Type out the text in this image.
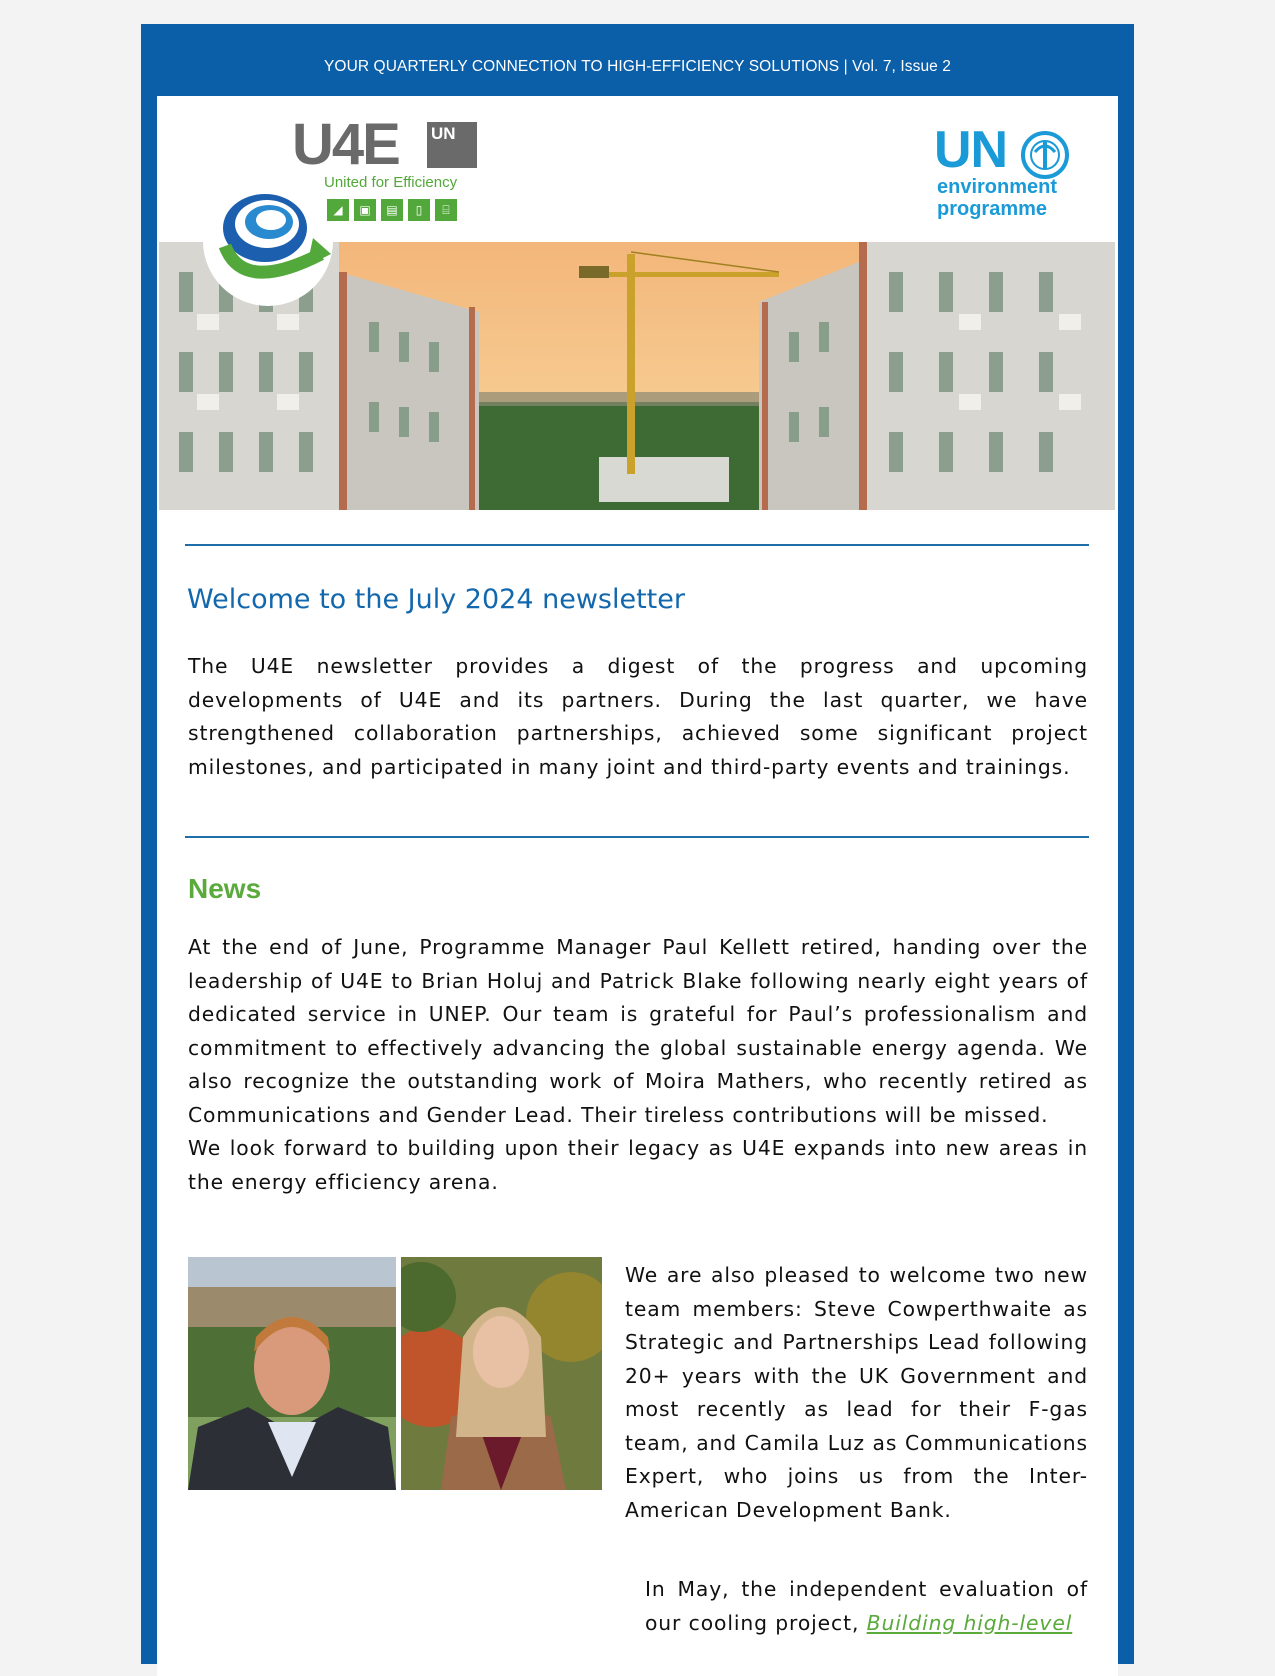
YOUR QUARTERLY CONNECTION TO HIGH-EFFICIENCY SOLUTIONS | Vol. 7, Issue 2
U4E UN
United for Efficiency
◢	▣	▤	▯	⌸
UN
environment
programme
Welcome to the July 2024 newsletter

The U4E newsletter provides a digest of the progress and upcoming developments of U4E and its partners. During the last quarter, we have strengthened collaboration partnerships, achieved some significant project milestones, and participated in many joint and third-party events and trainings.

News

At the end of June, Programme Manager Paul Kellett retired, handing over the leadership of U4E to Brian Holuj and Patrick Blake following nearly eight years of dedicated service in UNEP. Our team is grateful for Paul’s professionalism and commitment to effectively advancing the global sustainable energy agenda. We also recognize the outstanding work of Moira Mathers, who recently retired as Communications and Gender Lead. Their tireless contributions will be missed.

We look forward to building upon their legacy as U4E expands into new areas in the energy efficiency arena.

We are also pleased to welcome two new team members: Steve Cowperthwaite as Strategic and Partnerships Lead following 20+ years with the UK Government and most recently as lead for their F-gas team, and Camila Luz as Communications Expert, who joins us from the Inter-American Development Bank.

In May, the independent evaluation of our cooling project, Building high-level
